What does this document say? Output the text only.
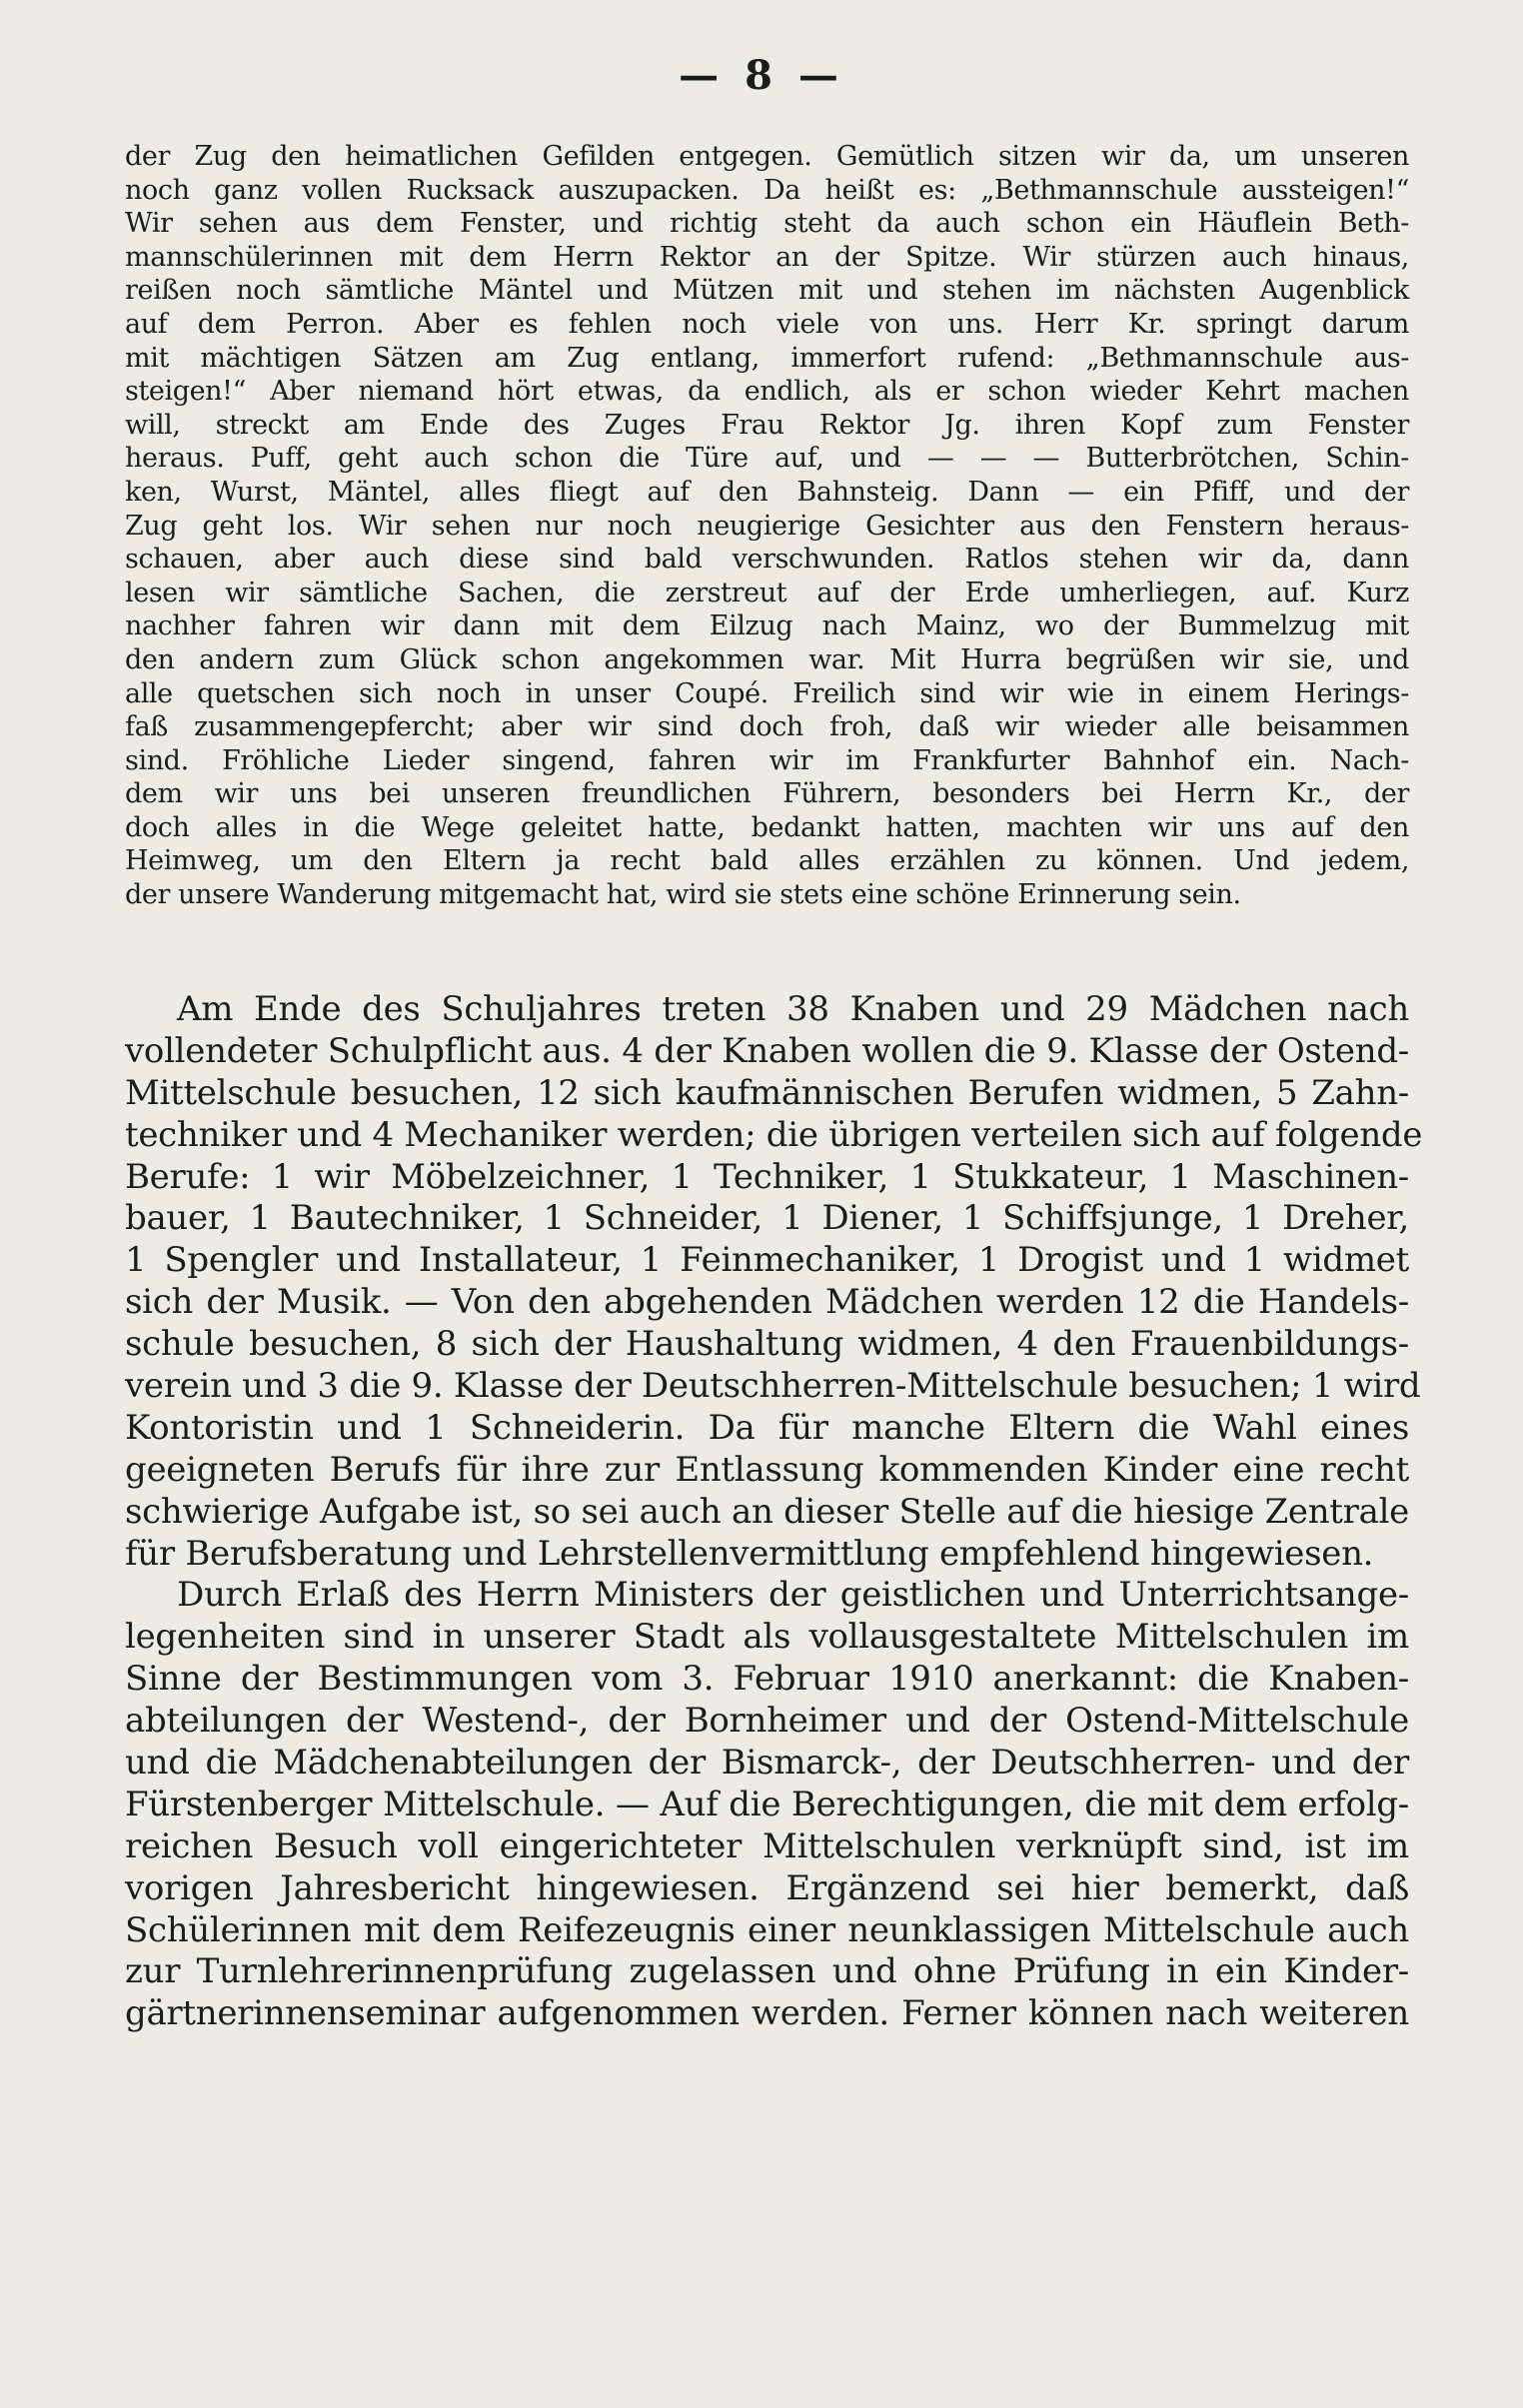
— 8 —
der Zug den heimatlichen Gefilden entgegen. Gemütlich sitzen wir da, um unseren
noch ganz vollen Rucksack auszupacken. Da heißt es: „Bethmannschule aussteigen!“
Wir sehen aus dem Fenster, und richtig steht da auch schon ein Häuflein Beth-
mannschülerinnen mit dem Herrn Rektor an der Spitze. Wir stürzen auch hinaus,
reißen noch sämtliche Mäntel und Mützen mit und stehen im nächsten Augenblick
auf dem Perron. Aber es fehlen noch viele von uns. Herr Kr. springt darum
mit mächtigen Sätzen am Zug entlang, immerfort rufend: „Bethmannschule aus-
steigen!“ Aber niemand hört etwas, da endlich, als er schon wieder Kehrt machen
will, streckt am Ende des Zuges Frau Rektor Jg. ihren Kopf zum Fenster
heraus. Puff, geht auch schon die Türe auf, und — — — Butterbrötchen, Schin-
ken, Wurst, Mäntel, alles fliegt auf den Bahnsteig. Dann — ein Pfiff, und der
Zug geht los. Wir sehen nur noch neugierige Gesichter aus den Fenstern heraus-
schauen, aber auch diese sind bald verschwunden. Ratlos stehen wir da, dann
lesen wir sämtliche Sachen, die zerstreut auf der Erde umherliegen, auf. Kurz
nachher fahren wir dann mit dem Eilzug nach Mainz, wo der Bummelzug mit
den andern zum Glück schon angekommen war. Mit Hurra begrüßen wir sie, und
alle quetschen sich noch in unser Coupé. Freilich sind wir wie in einem Herings-
faß zusammengepfercht; aber wir sind doch froh, daß wir wieder alle beisammen
sind. Fröhliche Lieder singend, fahren wir im Frankfurter Bahnhof ein. Nach-
dem wir uns bei unseren freundlichen Führern, besonders bei Herrn Kr., der
doch alles in die Wege geleitet hatte, bedankt hatten, machten wir uns auf den
Heimweg, um den Eltern ja recht bald alles erzählen zu können. Und jedem,
der unsere Wanderung mitgemacht hat, wird sie stets eine schöne Erinnerung sein.
Am Ende des Schuljahres treten 38 Knaben und 29 Mädchen nach
vollendeter Schulpflicht aus. 4 der Knaben wollen die 9. Klasse der Ostend-
Mittelschule besuchen, 12 sich kaufmännischen Berufen widmen, 5 Zahn-
techniker und 4 Mechaniker werden; die übrigen verteilen sich auf folgende
Berufe: 1 wir Möbelzeichner, 1 Techniker, 1 Stukkateur, 1 Maschinen-
bauer, 1 Bautechniker, 1 Schneider, 1 Diener, 1 Schiffsjunge, 1 Dreher,
1 Spengler und Installateur, 1 Feinmechaniker, 1 Drogist und 1 widmet
sich der Musik. — Von den abgehenden Mädchen werden 12 die Handels-
schule besuchen, 8 sich der Haushaltung widmen, 4 den Frauenbildungs-
verein und 3 die 9. Klasse der Deutschherren-Mittelschule besuchen; 1 wird
Kontoristin und 1 Schneiderin. Da für manche Eltern die Wahl eines
geeigneten Berufs für ihre zur Entlassung kommenden Kinder eine recht
schwierige Aufgabe ist, so sei auch an dieser Stelle auf die hiesige Zentrale
für Berufsberatung und Lehrstellenvermittlung empfehlend hingewiesen.
Durch Erlaß des Herrn Ministers der geistlichen und Unterrichtsange-
legenheiten sind in unserer Stadt als vollausgestaltete Mittelschulen im
Sinne der Bestimmungen vom 3. Februar 1910 anerkannt: die Knaben-
abteilungen der Westend-, der Bornheimer und der Ostend-Mittelschule
und die Mädchenabteilungen der Bismarck-, der Deutschherren- und der
Fürstenberger Mittelschule. — Auf die Berechtigungen, die mit dem erfolg-
reichen Besuch voll eingerichteter Mittelschulen verknüpft sind, ist im
vorigen Jahresbericht hingewiesen. Ergänzend sei hier bemerkt, daß
Schülerinnen mit dem Reifezeugnis einer neunklassigen Mittelschule auch
zur Turnlehrerinnenprüfung zugelassen und ohne Prüfung in ein Kinder-
gärtnerinnenseminar aufgenommen werden. Ferner können nach weiteren
